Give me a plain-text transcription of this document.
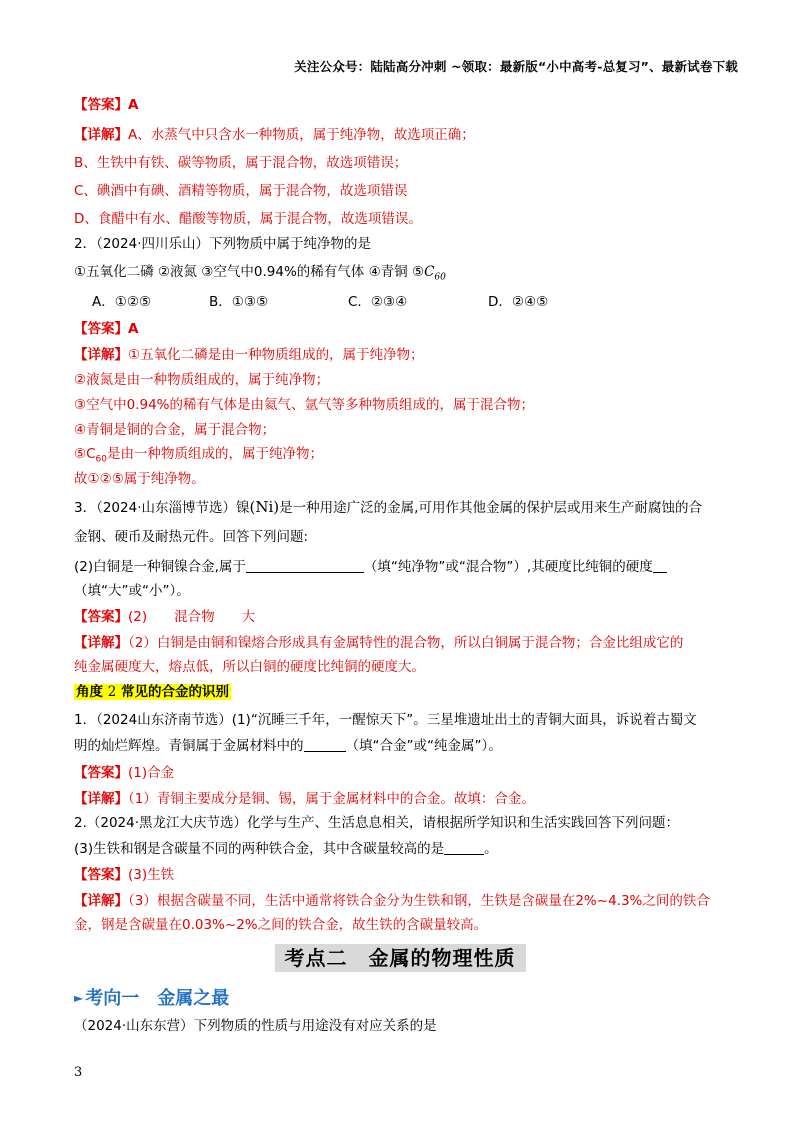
关注公众号：陆陆高分冲刺 ~领取：最新版“小中高考-总复习”、最新试卷下载
【答案】A
【详解】A、水蒸气中只含水一种物质，属于纯净物，故选项正确；
B、生铁中有铁、碳等物质，属于混合物，故选项错误；
C、碘酒中有碘、酒精等物质，属于混合物，故选项错误
D、食醋中有水、醋酸等物质，属于混合物，故选项错误。
2．（2024·四川乐山）下列物质中属于纯净物的是
①五氧化二磷 ②液氮 ③空气中0.94%的稀有气体 ④青铜 $⑤C_{60}$
A．①②⑤	B．①③⑤	C．②③④	D．②④⑤
【答案】A
【详解】①五氧化二磷是由一种物质组成的，属于纯净物；
②液氮是由一种物质组成的，属于纯净物；
③空气中0.94%的稀有气体是由氦气、氩气等多种物质组成的，属于混合物；
④青铜是铜的合金，属于混合物；
$⑤C_{60}$是由一种物质组成的，属于纯净物；
故①②⑤属于纯净物。
3．（2024·山东淄博节选）镍(Ni)是一种用途广泛的金属,可用作其他金属的保护层或用来生产耐腐蚀的合
金钢、硬币及耐热元件。回答下列问题:
(2)白铜是一种铜镍合金,属于	（填“纯净物”或“混合物”）,其硬度比纯铜的硬度
（填“大”或“小”）。
【答案】(2)　　混合物　　大
【详解】（2）白铜是由铜和镍熔合形成具有金属特性的混合物，所以白铜属于混合物；合金比组成它的
纯金属硬度大，熔点低，所以白铜的硬度比纯铜的硬度大。
角度 2 常见的合金的识别
1．（2024山东济南节选）(1)“沉睡三千年，一醒惊天下”。三星堆遗址出土的青铜大面具，诉说着古蜀文
明的灿烂辉煌。青铜属于金属材料中的	（填“合金”或“纯金属”）。
【答案】(1)合金
【详解】（1）青铜主要成分是铜、锡，属于金属材料中的合金。故填：合金。
2.（2024·黑龙江大庆节选）化学与生产、生活息息相关，请根据所学知识和生活实践回答下列问题：
(3)生铁和钢是含碳量不同的两种铁合金，其中含碳量较高的是	。
【答案】(3)生铁
【详解】（3）根据含碳量不同，生活中通常将铁合金分为生铁和钢，生铁是含碳量在2%~4.3%之间的铁合
金，钢是含碳量在0.03%~2%之间的铁合金，故生铁的含碳量较高。
考点二　金属的物理性质
► 考向一　金属之最
（2024·山东东营）下列物质的性质与用途没有对应关系的是
3
